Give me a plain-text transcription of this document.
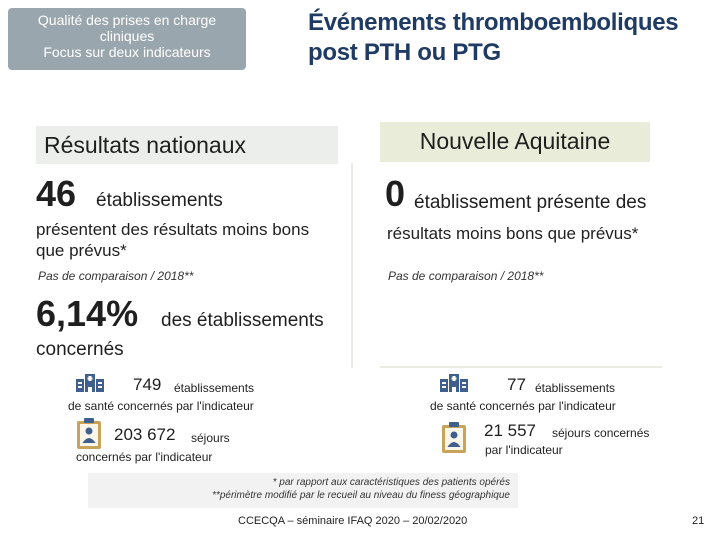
Qualité des prises en charge
cliniques
Focus sur deux indicateurs
Événements thromboemboliques
post PTH ou PTG
Résultats nationaux	Nouvelle Aquitaine
46 établissements
présentent des résultats moins bons que prévus*
Pas de comparaison / 2018**
6,14% des établissements
concernés
0 établissement présente des
résultats moins bons que prévus*
Pas de comparaison / 2018**
749 établissements
de santé concernés par l'indicateur
203 672 séjours
concernés par l'indicateur
77 établissements
de santé concernés par l'indicateur
21 557 séjours concernés
par l'indicateur
* par rapport aux caractéristiques des patients opérés
**périmètre modifié par le recueil au niveau du finess géographique
CCECQA – séminaire IFAQ 2020 – 20/02/2020	21
